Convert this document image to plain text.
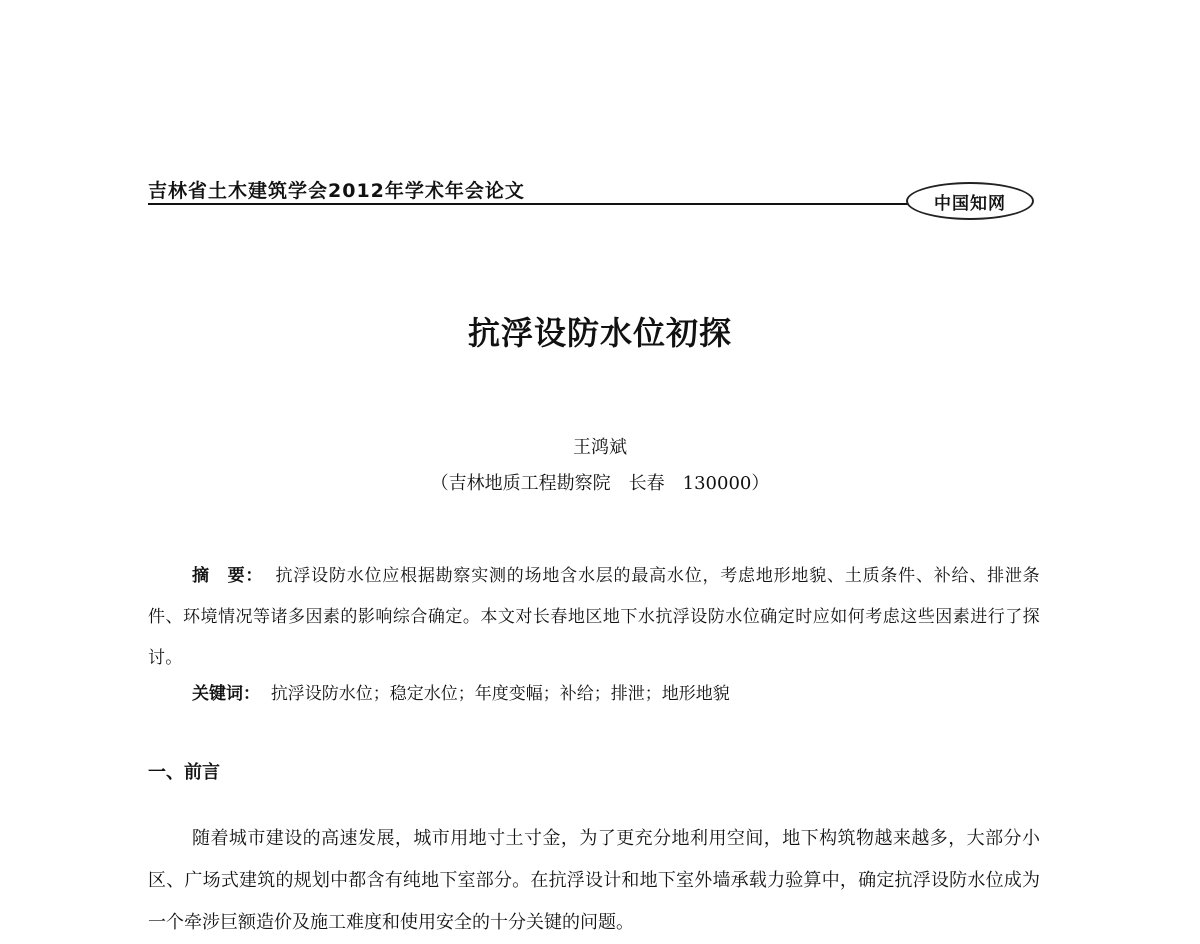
吉林省土木建筑学会2012年学术年会论文
中国知网
抗浮设防水位初探
王鸿斌
（吉林地质工程勘察院　长春　130000）
摘　要： 抗浮设防水位应根据勘察实测的场地含水层的最高水位，考虑地形地貌、土质条件、补给、排泄条件、环境情况等诸多因素的影响综合确定。本文对长春地区地下水抗浮设防水位确定时应如何考虑这些因素进行了探讨。
关键词： 抗浮设防水位；稳定水位；年度变幅；补给；排泄；地形地貌
一、前言
随着城市建设的高速发展，城市用地寸土寸金，为了更充分地利用空间，地下构筑物越来越多，大部分小区、广场式建筑的规划中都含有纯地下室部分。在抗浮设计和地下室外墙承载力验算中，确定抗浮设防水位成为一个牵涉巨额造价及施工难度和使用安全的十分关键的问题。
